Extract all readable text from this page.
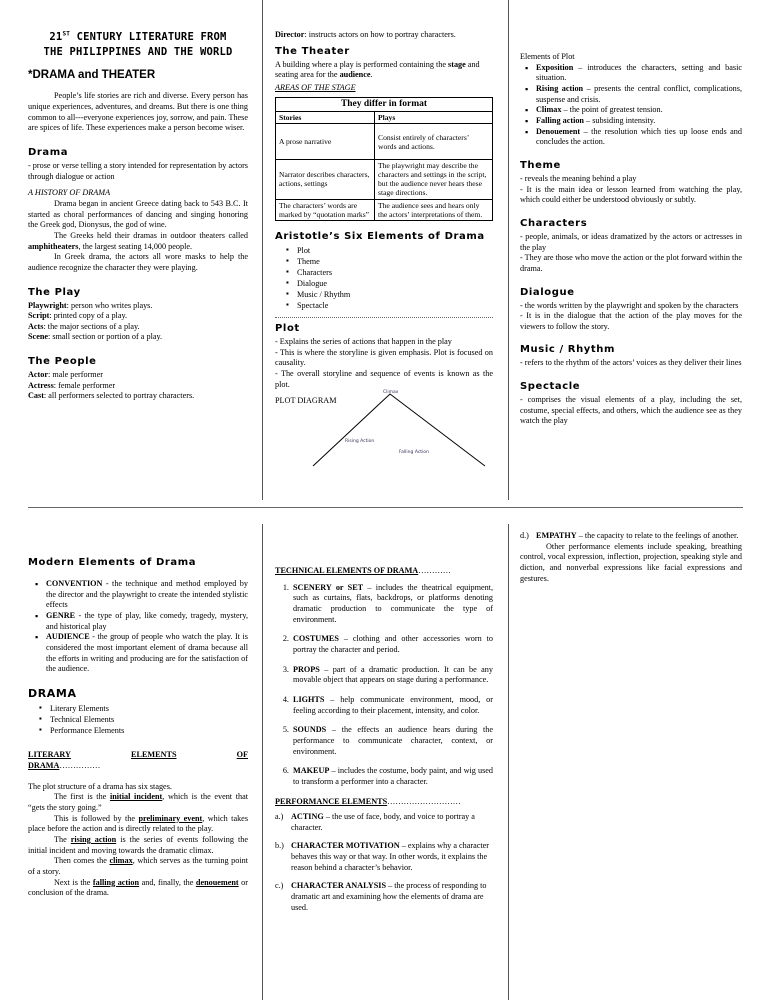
21ST CENTURY LITERATURE FROM
THE PHILIPPINES AND THE WORLD
*DRAMA and THEATER

People’s life stories are rich and diverse. Every person has unique experiences, adventures, and dreams. But there is one thing common to all---everyone experiences joy, sorrow, and pain. These are spices of life. These experiences make a person become wiser.

Drama

- prose or verse telling a story intended for representation by actors through dialogue or action

A HISTORY OF DRAMA

Drama began in ancient Greece dating back to 543 B.C. It started as choral performances of dancing and singing honoring the Greek god, Dionysus, the god of wine.

The Greeks held their dramas in outdoor theaters called amphitheaters, the largest seating 14,000 people.

In Greek drama, the actors all wore masks to help the audience recognize the character they were playing.

The Play

Playwright: person who writes plays.

Script: printed copy of a play.

Acts: the major sections of a play.

Scene: small section or portion of a play.

The People

Actor: male performer

Actress: female performer

Cast: all performers selected to portray characters.

Director: instructs actors on how to portray characters.

The Theater

A building where a play is performed containing the stage and seating area for the audience.

AREAS OF THE STAGE

They differ in format	
Stories	Plays
A prose narrative	Consist entirely of characters’ words and actions.
Narrator describes characters, actions, settings	The playwright may describe the characters and settings in the script, but the audience never hears these stage directions.
The characters’ words are marked by “quotation marks”	The audience sees and hears only the actors’ interpretations of them.
Aristotle’s Six Elements of Drama
▪ Plot
▪ Theme
▪ Characters
▪ Dialogue
▪ Music / Rhythm
▪ Spectacle
Plot

- Explains the series of actions that happen in the play

- This is where the storyline is given emphasis. Plot is focused on causality.

- The overall storyline and sequence of events is known as the plot.

PLOT DIAGRAM

Climax
Rising Action
Falling Action

Elements of Plot

▪ Exposition – introduces the characters, setting and basic situation.
▪ Rising action – presents the central conflict, complications, suspense and crisis.
▪ Climax – the point of greatest tension.
▪ Falling action – subsiding intensity.
▪ Denouement – the resolution which ties up loose ends and concludes the action.
Theme

- reveals the meaning behind a play

- It is the main idea or lesson learned from watching the play, which could either be understood obviously or subtly.

Characters

- people, animals, or ideas dramatized by the actors or actresses in the play

- They are those who move the action or the plot forward within the drama.

Dialogue

- the words written by the playwright and spoken by the characters

- It is in the dialogue that the action of the play moves for the viewers to follow the story.

Music / Rhythm

- refers to the rhythm of the actors’ voices as they deliver their lines

Spectacle

- comprises the visual elements of a play, including the set, costume, special effects, and others, which the audience see as they watch the play

Modern Elements of Drama
▪ CONVENTION - the technique and method employed by the director and the playwright to create the intended stylistic effects
▪ GENRE - the type of play, like comedy, tragedy, mystery, and historical play
▪ AUDIENCE - the group of people who watch the play. It is considered the most important element of drama because all the efforts in writing and producing are for the satisfaction of the audience.
DRAMA
▪ Literary Elements
▪ Technical Elements
▪ Performance Elements
LITERARY	ELEMENTS	OF
DRAMA……………

The plot structure of a drama has six stages.

The first is the initial incident, which is the event that “gets the story going.”

This is followed by the preliminary event, which takes place before the action and is directly related to the play.

The rising action is the series of events following the initial incident and moving towards the dramatic climax.

Then comes the climax, which serves as the turning point of a story.

Next is the falling action and, finally, the denouement or conclusion of the drama.

TECHNICAL ELEMENTS OF DRAMA…………
1. SCENERY or SET – includes the theatrical equipment, such as curtains, flats, backdrops, or platforms denoting dramatic production to communicate the type of environment.
2. COSTUMES – clothing and other accessories worn to portray the character and period.
3. PROPS – part of a dramatic production. It can be any movable object that appears on stage during a performance.
4. LIGHTS – help communicate environment, mood, or feeling according to their placement, intensity, and color.
5. SOUNDS – the effects an audience hears during the performance to communicate character, context, or environment.
6. MAKEUP – includes the costume, body paint, and wig used to transform a performer into a character.
PERFORMANCE ELEMENTS………………………
a.) ACTING – the use of face, body, and voice to portray a character.
b.) CHARACTER MOTIVATION – explains why a character behaves this way or that way. In other words, it explains the reason behind a character’s behavior.
c.) CHARACTER ANALYSIS – the process of responding to dramatic art and examining how the elements of drama are used.
d.) EMPATHY – the capacity to relate to the feelings of another.

Other performance elements include speaking, breathing control, vocal expression, inflection, projection, speaking style and diction, and nonverbal expressions like facial expressions and gestures.
